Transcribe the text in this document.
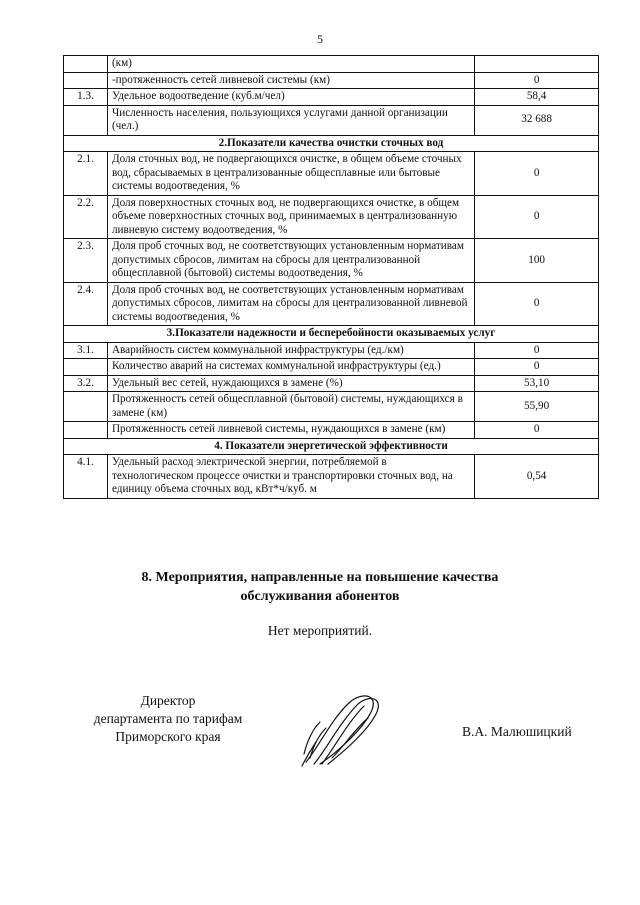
5
	(км)	
	-протяженность сетей ливневой системы (км)	0
1.3.	Удельное водоотведение (куб.м/чел)	58,4
	Численность населения, пользующихся услугами данной организации (чел.)	32 688
2.Показатели качества очистки сточных вод		
2.1.	Доля сточных вод, не подвергающихся очистке, в общем объеме сточных вод, сбрасываемых в централизованные общесплавные или бытовые системы водоотведения, %	0
2.2.	Доля поверхностных сточных вод, не подвергающихся очистке, в общем объеме поверхностных сточных вод, принимаемых в централизованную ливневую систему водоотведения, %	0
2.3.	Доля проб сточных вод, не соответствующих установленным нормативам допустимых сбросов, лимитам на сбросы для централизованной общесплавной (бытовой) системы водоотведения, %	100
2.4.	Доля проб сточных вод, не соответствующих установленным нормативам допустимых сбросов, лимитам на сбросы для централизованной ливневой системы водоотведения, %	0
3.Показатели надежности и бесперебойности оказываемых услуг		
3.1.	Аварийность систем коммунальной инфраструктуры (ед./км)	0
	Количество аварий на системах коммунальной инфраструктуры (ед.)	0
3.2.	Удельный вес сетей, нуждающихся в замене (%)	53,10
	Протяженность сетей общесплавной (бытовой) системы, нуждающихся в замене (км)	55,90
	Протяженность сетей ливневой системы, нуждающихся в замене (км)	0
4. Показатели энергетической эффективности		
4.1.	Удельный расход электрической энергии, потребляемой в технологическом процессе очистки и транспортировки сточных вод, на единицу объема сточных вод, кВт*ч/куб. м	0,54
8. Мероприятия, направленные на повышение качества
обслуживания абонентов
Нет мероприятий.
Директор
департамента по тарифам
Приморского края	В.А. Малюшицкий
